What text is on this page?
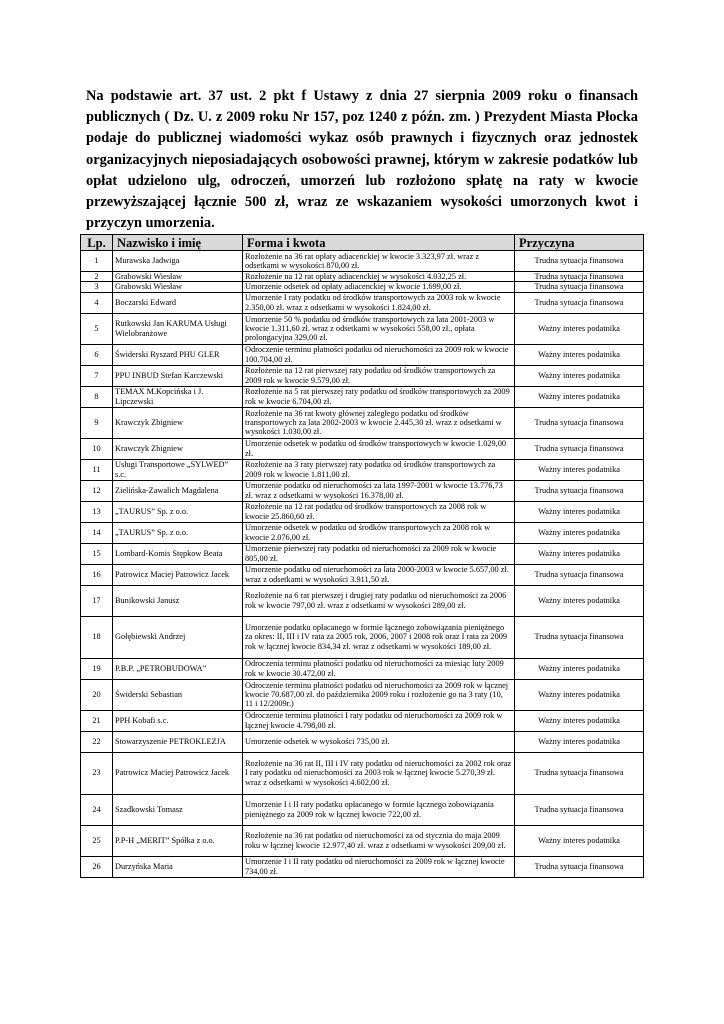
Na podstawie art. 37 ust. 2 pkt f Ustawy z dnia 27 sierpnia 2009 roku o finansach publicznych ( Dz. U. z 2009 roku Nr 157, poz 1240 z późn. zm. ) Prezydent Miasta Płocka podaje do publicznej wiadomości wykaz osób prawnych i fizycznych oraz jednostek organizacyjnych nieposiadających osobowości prawnej, którym w zakresie podatków lub opłat udzielono ulg, odroczeń, umorzeń lub rozłożono spłatę na raty w kwocie przewyższającej łącznie 500 zł, wraz ze wskazaniem wysokości umorzonych kwot i przyczyn umorzenia.

Lp.	Nazwisko i imię	Forma i kwota	Przyczyna
1	Murawska Jadwiga	Rozłożenie na 36 rat opłaty adiacenckiej w kwocie 3.323,97 zł. wraz z odsetkami w wysokości 870,00 zł.	Trudna sytuacja finansowa
2	Grabowski Wiesław	Rozłożenie na 12 rat opłaty adiacenckiej w wysokości 4.032,25 zł.	Trudna sytuacja finansowa
3	Grabowski Wiesław	Umorzenie odsetek od opłaty adiacenckiej w kwocie 1.699,00 zł.	Trudna sytuacja finansowa
4	Boczarski Edward	Umorzenie I raty podatku od środków transportowych za 2003 rok w kwocie 2.350,00 zł. wraz z odsetkami w wysokości 1.824,00 zł.	Trudna sytuacja finansowa
5	Rutkowski Jan KARUMA Usługi Wielobranżowe	Umorzenie 50 % podatku od środków transportowych za lata 2001-2003 w kwocie 1.311,60 zł. wraz z odsetkami w wysokości 558,00 zł., opłata prolongacyjna 329,00 zł.	Ważny interes podatnika
6	Świderski Ryszard PHU GLER	Odroczenie terminu płatności podatku od nieruchomości za 2009 rok w kwocie 100.704,00 zł.	Ważny interes podatnika
7	PPU INBUD Stefan Karczewski	Rozłożenie na 12 rat pierwszej raty podatku od środków transportowych za 2009 rok w kwocie 9.579,00 zł.	Ważny interes podatnika
8	TEMAX M.Kopcińska i J. Lipczewski	Rozłożenie na 5 rat pierwszej raty podatku od środków transportowych za 2009 rok w kwocie 6.704,00 zł.	Ważny interes podatnika
9	Krawczyk Zbigniew	Rozłożenie na 36 rat kwoty głównej zaległego podatku od środków transportowych za lata 2002-2003 w kwocie 2.445,30 zł. wraz z odsetkami w wysokości 1.030,00 zł.	Trudna sytuacja finansowa
10	Krawczyk Zbigniew	Umorzenie odsetek w podatku od środków transportowych w kwocie 1.029,00 zł.	Trudna sytuacja finansowa
11	Usługi Transportowe „SYLWED” s.c.	Rozłożenie na 3 raty pierwszej raty podatku od środków transportowych za 2009 rok w kwocie 1.811,00 zł.	Ważny interes podatnika
12	Zielińska-Zawalich Magdalena	Umorzenie podatku od nieruchomości za lata 1997-2001 w kwocie 13.776,73 zł. wraz z odsetkami w wysokości 16.378,00 zł.	Trudna sytuacja finansowa
13	„TAURUS” Sp. z o.o.	Rozłożenie na 12 rat podatku od środków transportowych za 2008 rok w kwocie 25.860,60 zł.	Ważny interes podatnika
14	„TAURUS” Sp. z o.o.	Umorzenie odsetek w podatku od środków transportowych za 2008 rok w kwocie 2.076,00 zł.	Ważny interes podatnika
15	Lombard-Komis Stępkow Beata	Umorzenie pierwszej raty podatku od nieruchomości za 2009 rok w kwocie 805,00 zł.	Ważny interes podatnika
16	Patrowicz Maciej Patrowicz Jacek	Umorzenie podatku od nieruchomości za lata 2000-2003 w kwocie 5.657,00 zł. wraz z odsetkami w wysokości 3.911,50 zł.	Trudna sytuacja finansowa
17	Bunikowski Janusz	Rozłożenie na 6 rat pierwszej i drugiej raty podatku od nieruchomości za 2006 rok w kwocie 797,00 zł. wraz z odsetkami w wysokości 289,00 zł.	Ważny interes podatnika
18	Gołębiewski Andrzej	Umorzenie podatku opłacanego w formie łącznego zobowiązania pieniężnego za okres: II, III i IV rata za 2005 rok, 2006, 2007 i 2008 rok oraz I rata za 2009 rok w łącznej kwocie 834,34 zł. wraz z odsetkami w wysokości 189,00 zł.	Trudna sytuacja finansowa
19	P.B.P. „PETROBUDOWA”	Odroczenia terminu płatności podatku od nieruchomości za miesiąc luty 2009 rok w kwocie 30.472,00 zł.	Ważny interes podatnika
20	Świderski Sebastian	Odroczenie terminu płatności podatku od nieruchomości za 2009 rok w łącznej kwocie 70.687,00 zł. do października 2009 roku i rozłożenie go na 3 raty (10, 11 i 12/2009r.)	Ważny interes podatnika
21	PPH Kobafi s.c.	Odroczenie terminu płatności I raty podatku od nieruchomości za 2009 rok w łącznej kwocie 4.798,00 zł.	Ważny interes podatnika
22	Stowarzyszenie PETROKLEZJA	Umorzenie odsetek w wysokości 735,00 zł.	Ważny interes podatnika
23	Patrowicz Maciej Patrowicz Jacek	Rozłożenie na 36 rat II, III i IV raty podatku od nieruchomości za 2002 rok oraz I raty podatku od nieruchomości za 2003 rok w łącznej kwocie 5.270,39 zł. wraz z odsetkami w wysokości 4.602,00 zł.	Trudna sytuacja finansowa
24	Szadkowski Tomasz	Umorzenie I i II raty podatku opłacanego w formie łącznego zobowiązania pieniężnego za 2009 rok w łącznej kwocie 722,00 zł.	Trudna sytuacja finansowa
25	P.P-H „MERIT” Spółka z o.o.	Rozłożenie na 36 rat podatku od nieruchomości za od stycznia do maja 2009 roku w łącznej kwocie 12.977,40 zł. wraz z odsetkami w wysokości 209,00 zł.	Ważny interes podatnika
26	Durzyńska Maria	Umorzenie I i II raty podatku od nieruchomości za 2009 rok w łącznej kwocie 734,00 zł.	Trudna sytuacja finansowa
